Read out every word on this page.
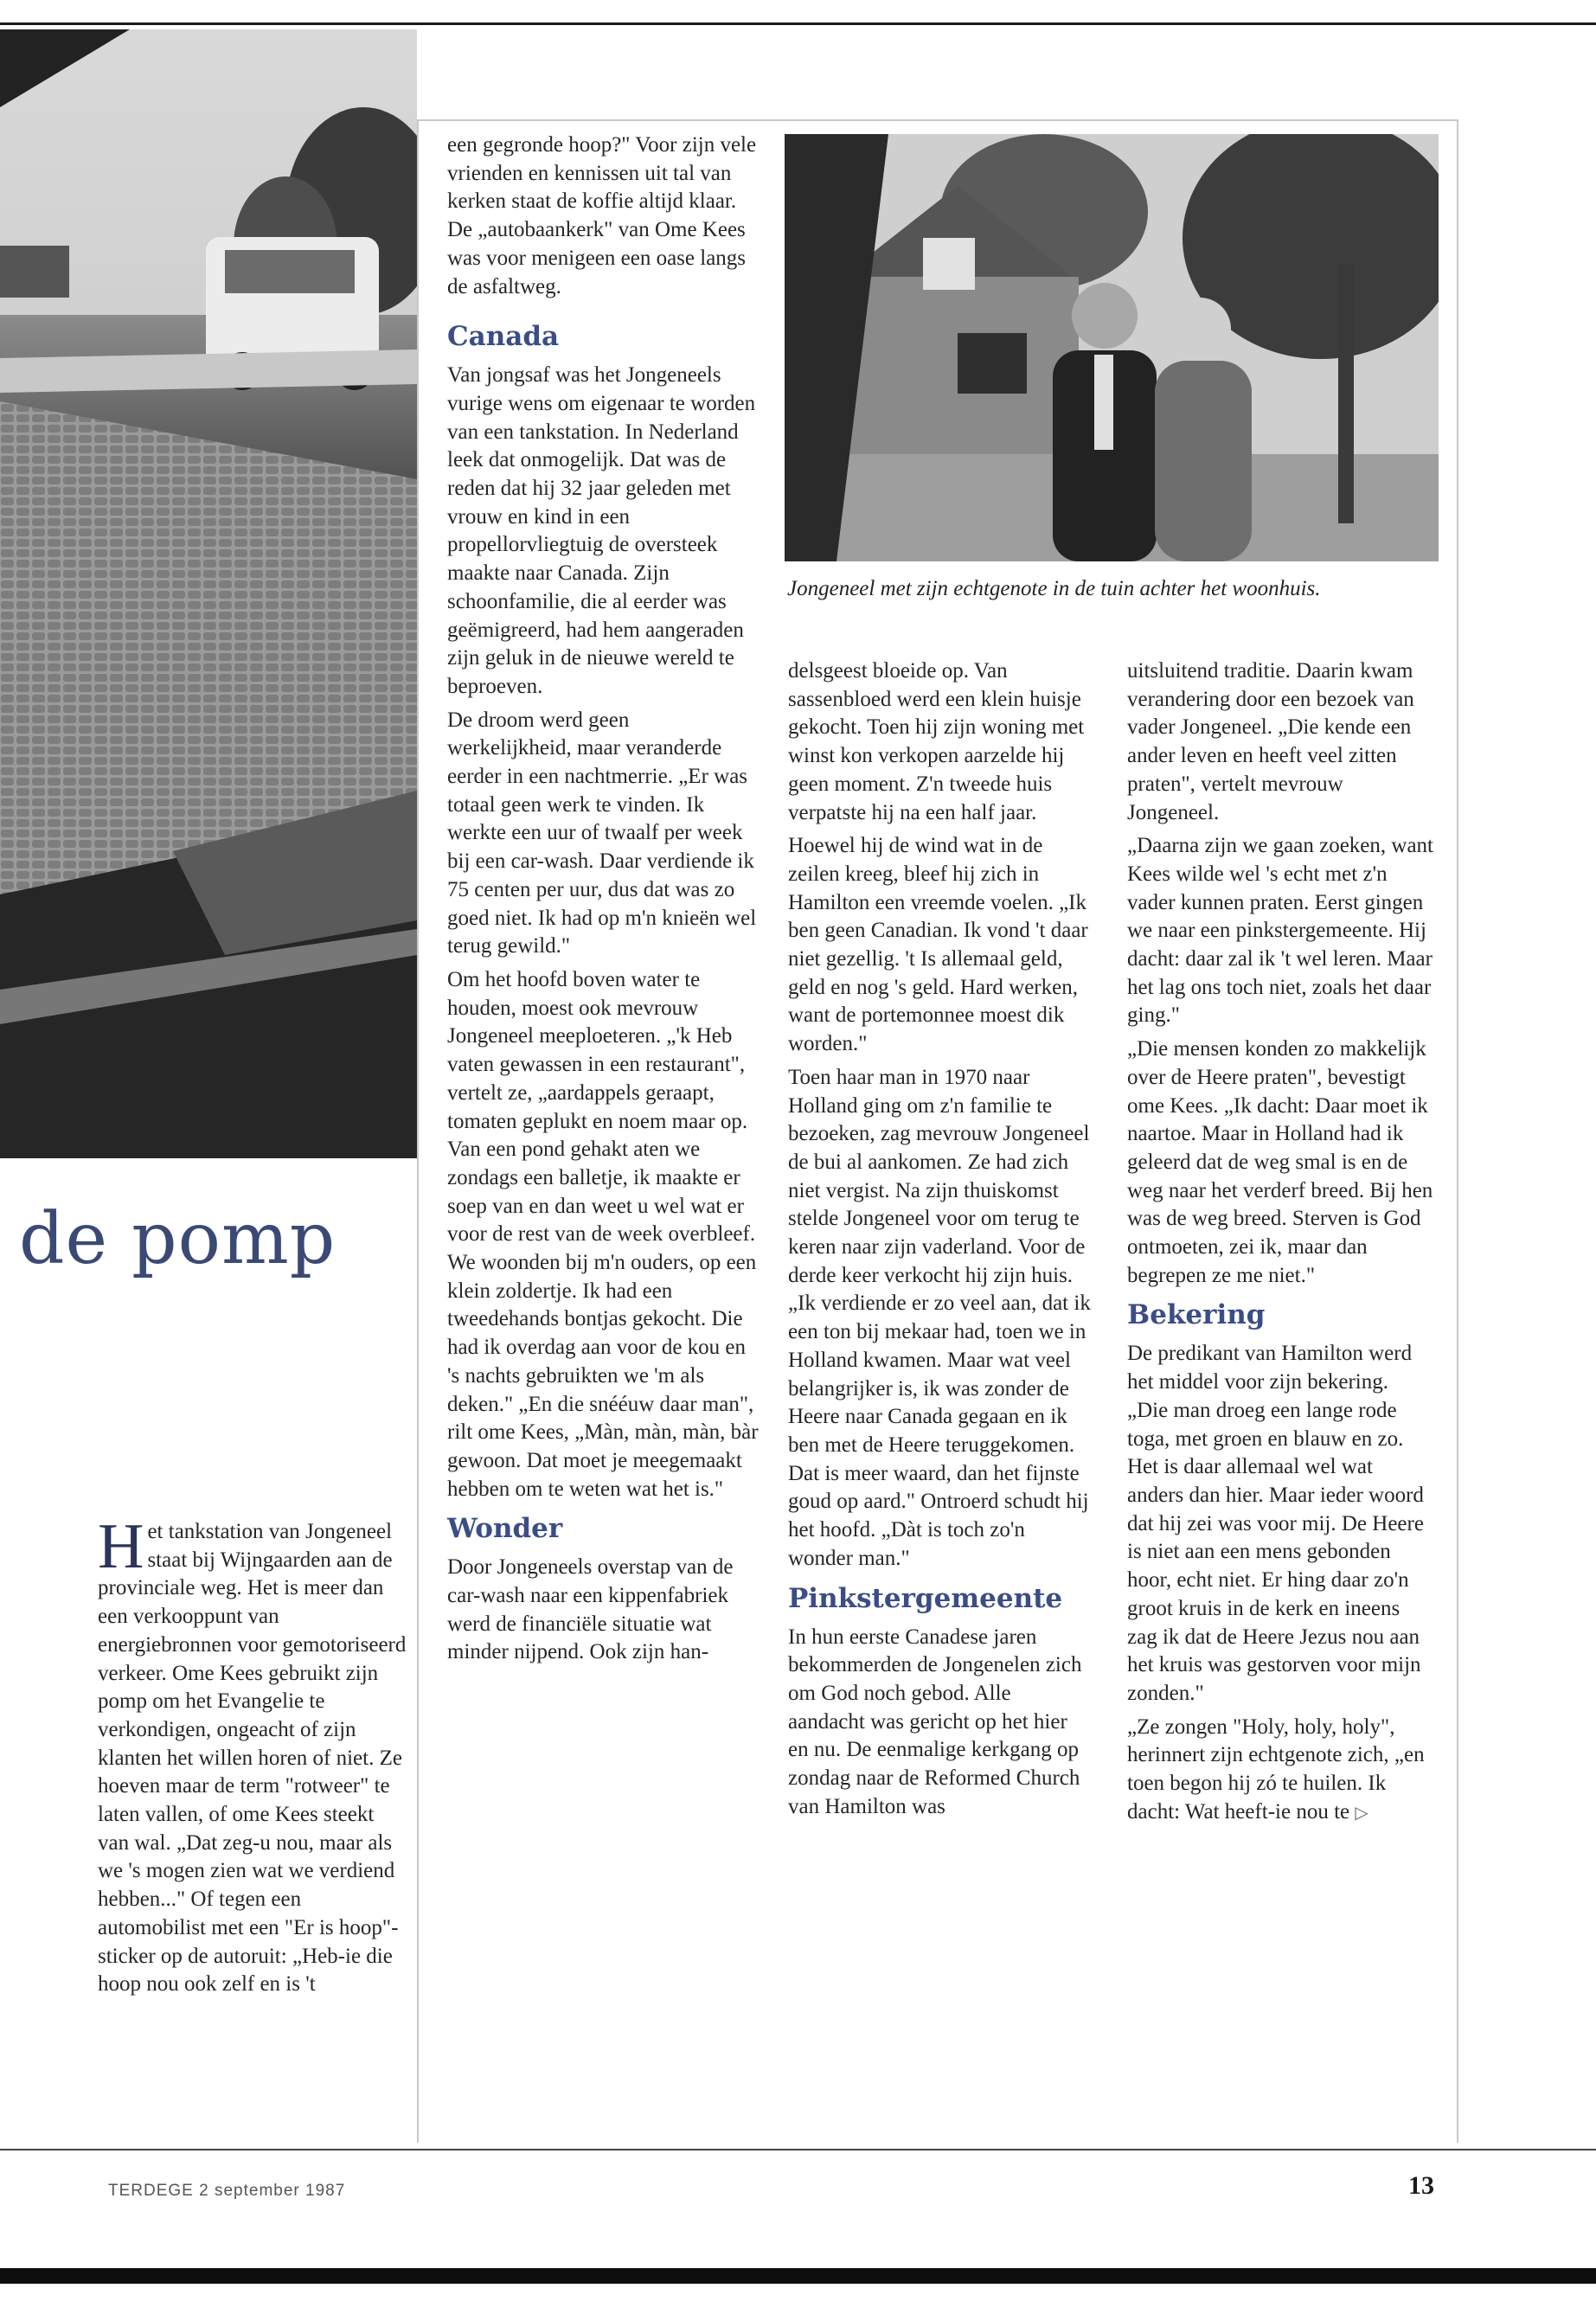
Jongeneel met zijn echtgenote in de tuin achter het woonhuis.
de pomp

Het tankstation van Jongeneel staat bij Wijngaarden aan de provinciale weg. Het is meer dan een verkooppunt van energiebronnen voor gemotoriseerd verkeer. Ome Kees gebruikt zijn pomp om het Evangelie te verkondigen, ongeacht of zijn klanten het willen horen of niet. Ze hoeven maar de term "rotweer" te laten vallen, of ome Kees steekt van wal. „Dat zeg-u nou, maar als we 's mogen zien wat we verdiend hebben..." Of tegen een automobilist met een "Er is hoop"-sticker op de autoruit: „Heb-ie die hoop nou ook zelf en is 't

een gegronde hoop?" Voor zijn vele vrienden en kennissen uit tal van kerken staat de koffie altijd klaar. De „autobaankerk" van Ome Kees was voor menigeen een oase langs de asfaltweg.

Canada

Van jongsaf was het Jongeneels vurige wens om eigenaar te worden van een tankstation. In Nederland leek dat onmogelijk. Dat was de reden dat hij 32 jaar geleden met vrouw en kind in een propellorvliegtuig de oversteek maakte naar Canada. Zijn schoonfamilie, die al eerder was geëmigreerd, had hem aangeraden zijn geluk in de nieuwe wereld te beproeven.

De droom werd geen werkelijkheid, maar veranderde eerder in een nachtmerrie. „Er was totaal geen werk te vinden. Ik werkte een uur of twaalf per week bij een car-wash. Daar verdiende ik 75 centen per uur, dus dat was zo goed niet. Ik had op m'n knieën wel terug gewild."

Om het hoofd boven water te houden, moest ook mevrouw Jongeneel meeploeteren. „'k Heb vaten gewassen in een restaurant", vertelt ze, „aardappels geraapt, tomaten geplukt en noem maar op. Van een pond gehakt aten we zondags een balletje, ik maakte er soep van en dan weet u wel wat er voor de rest van de week overbleef. We woonden bij m'n ouders, op een klein zoldertje. Ik had een tweedehands bontjas gekocht. Die had ik overdag aan voor de kou en 's nachts gebruikten we 'm als deken." „En die snééuw daar man", rilt ome Kees, „Màn, màn, màn, bàr gewoon. Dat moet je meegemaakt hebben om te weten wat het is."

Wonder

Door Jongeneels overstap van de car-wash naar een kippenfabriek werd de financiële situatie wat minder nijpend. Ook zijn han-

delsgeest bloeide op. Van sassenbloed werd een klein huisje gekocht. Toen hij zijn woning met winst kon verkopen aarzelde hij geen moment. Z'n tweede huis verpatste hij na een half jaar.

Hoewel hij de wind wat in de zeilen kreeg, bleef hij zich in Hamilton een vreemde voelen. „Ik ben geen Canadian. Ik vond 't daar niet gezellig. 't Is allemaal geld, geld en nog 's geld. Hard werken, want de portemonnee moest dik worden."

Toen haar man in 1970 naar Holland ging om z'n familie te bezoeken, zag mevrouw Jongeneel de bui al aankomen. Ze had zich niet vergist. Na zijn thuiskomst stelde Jongeneel voor om terug te keren naar zijn vaderland. Voor de derde keer verkocht hij zijn huis. „Ik verdiende er zo veel aan, dat ik een ton bij mekaar had, toen we in Holland kwamen. Maar wat veel belangrijker is, ik was zonder de Heere naar Canada gegaan en ik ben met de Heere teruggekomen. Dat is meer waard, dan het fijnste goud op aard." Ontroerd schudt hij het hoofd. „Dàt is toch zo'n wonder man."

Pinkstergemeente

In hun eerste Canadese jaren bekommerden de Jongenelen zich om God noch gebod. Alle aandacht was gericht op het hier en nu. De eenmalige kerkgang op zondag naar de Reformed Church van Hamilton was

uitsluitend traditie. Daarin kwam verandering door een bezoek van vader Jongeneel. „Die kende een ander leven en heeft veel zitten praten", vertelt mevrouw Jongeneel.

„Daarna zijn we gaan zoeken, want Kees wilde wel 's echt met z'n vader kunnen praten. Eerst gingen we naar een pinkstergemeente. Hij dacht: daar zal ik 't wel leren. Maar het lag ons toch niet, zoals het daar ging."

„Die mensen konden zo makkelijk over de Heere praten", bevestigt ome Kees. „Ik dacht: Daar moet ik naartoe. Maar in Holland had ik geleerd dat de weg smal is en de weg naar het verderf breed. Bij hen was de weg breed. Sterven is God ontmoeten, zei ik, maar dan begrepen ze me niet."

Bekering

De predikant van Hamilton werd het middel voor zijn bekering. „Die man droeg een lange rode toga, met groen en blauw en zo. Het is daar allemaal wel wat anders dan hier. Maar ieder woord dat hij zei was voor mij. De Heere is niet aan een mens gebonden hoor, echt niet. Er hing daar zo'n groot kruis in de kerk en ineens zag ik dat de Heere Jezus nou aan het kruis was gestorven voor mijn zonden."

„Ze zongen "Holy, holy, holy", herinnert zijn echtgenote zich, „en toen begon hij zó te huilen. Ik dacht: Wat heeft-ie nou te ▷

TERDEGE 2 september 1987	13
